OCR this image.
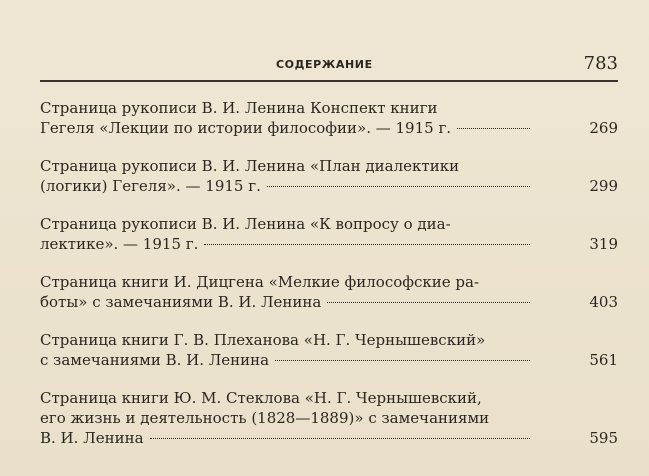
СОДЕРЖАНИЕ	783
Страница рукописи В. И. Ленина Конспект книги
Гегеля «Лекции по истории философии». — 1915 г.	269
Страница рукописи В. И. Ленина «План диалектики
(логики) Гегеля». — 1915 г.	299
Страница рукописи В. И. Ленина «К вопросу о диа-
лектике». — 1915 г.	319
Страница книги И. Дицгена «Мелкие философские ра-
боты» с замечаниями В. И. Ленина	403
Страница книги Г. В. Плеханова «Н. Г. Чернышевский»
с замечаниями В. И. Ленина	561
Страница книги Ю. М. Стеклова «Н. Г. Чернышевский,
его жизнь и деятельность (1828—1889)» с замечаниями
В. И. Ленина	595
